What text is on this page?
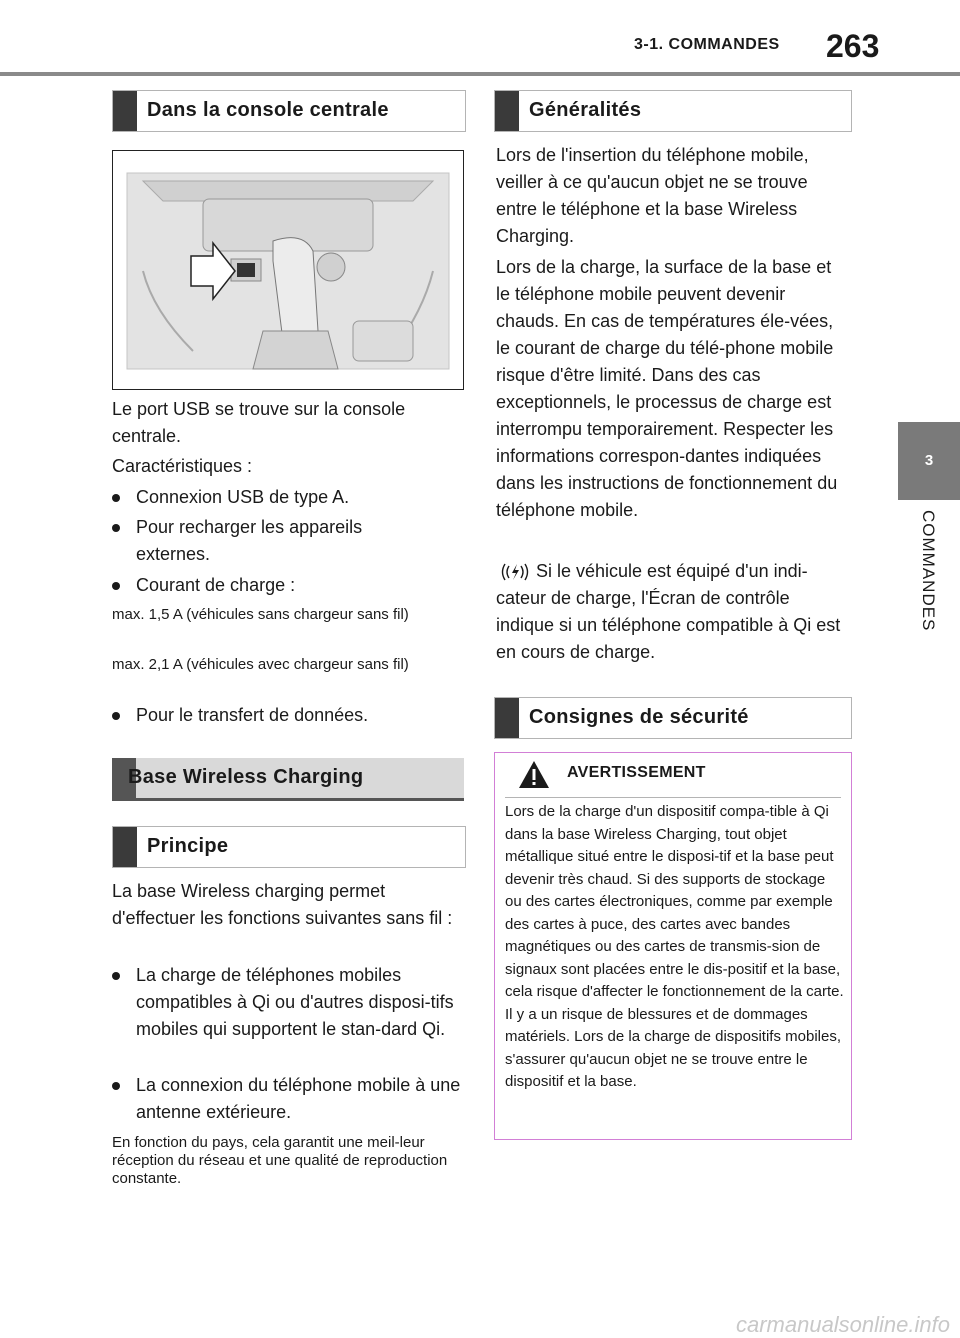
3-1. COMMANDES 263
3
COMMANDES
Dans la console centrale
Le port USB se trouve sur la console centrale.
Caractéristiques :
Connexion USB de type A.
Pour recharger les appareils externes.
Courant de charge :
max. 1,5 A (véhicules sans chargeur sans fil)
max. 2,1 A (véhicules avec chargeur sans fil)
Pour le transfert de données.
Base Wireless Charging
Principe
La base Wireless charging permet d'effectuer les fonctions suivantes sans fil :
La charge de téléphones mobiles compatibles à Qi ou d'autres disposi-tifs mobiles qui supportent le stan-dard Qi.
La connexion du téléphone mobile à une antenne extérieure.
En fonction du pays, cela garantit une meil-leur réception du réseau et une qualité de reproduction constante.
Généralités
Lors de l'insertion du téléphone mobile, veiller à ce qu'aucun objet ne se trouve entre le téléphone et la base Wireless Charging.
Lors de la charge, la surface de la base et le téléphone mobile peuvent devenir chauds. En cas de températures éle-vées, le courant de charge du télé-phone mobile risque d'être limité. Dans des cas exceptionnels, le processus de charge est interrompu temporairement. Respecter les informations correspon-dantes indiquées dans les instructions de fonctionnement du téléphone mobile.
Si le véhicule est équipé d'un indi-cateur de charge, l'Écran de contrôle indique si un téléphone compatible à Qi est en cours de charge.
Consignes de sécurité
AVERTISSEMENT
Lors de la charge d'un dispositif compa-tible à Qi dans la base Wireless Charging, tout objet métallique situé entre le disposi-tif et la base peut devenir très chaud. Si des supports de stockage ou des cartes électroniques, comme par exemple des cartes à puce, des cartes avec bandes magnétiques ou des cartes de transmis-sion de signaux sont placées entre le dis-positif et la base, cela risque d'affecter le fonctionnement de la carte. Il y a un risque de blessures et de dommages matériels. Lors de la charge de dispositifs mobiles, s'assurer qu'aucun objet ne se trouve entre le dispositif et la base.
carmanualsonline.info
